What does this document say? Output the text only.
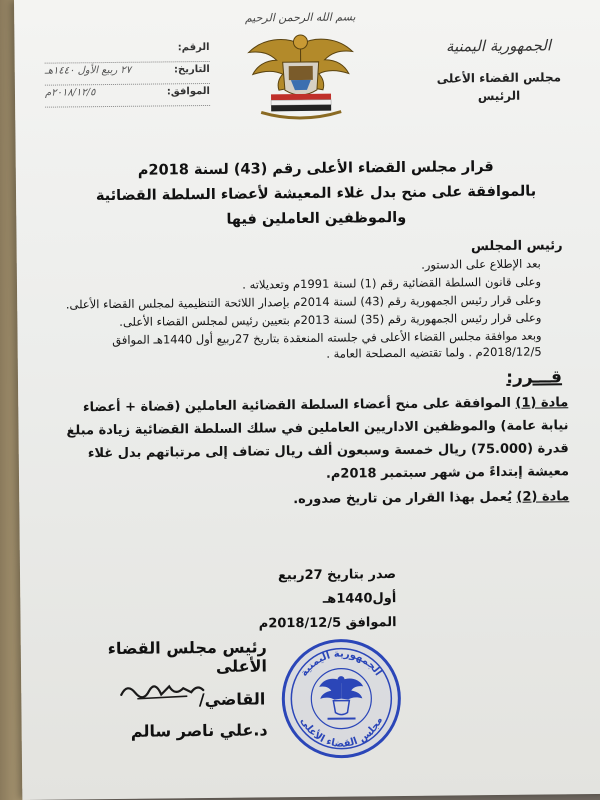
الجمهورية اليمنية
مجلس القضاء الأعلى
الرئيس
بسم الله الرحمن الرحيم
الرقم:
التاريخ:
٢٧ ربيع الأول ١٤٤٠هـ
الموافق:
٢٠١٨/١٢/٥م
قرار مجلس القضاء الأعلى رقم (43) لسنة 2018م
بالموافقة على منح بدل غلاء المعيشة لأعضاء السلطة القضائية
والموظفين العاملين فيها
رئيس المجلس
بعد الإطلاع على الدستور.
وعلى قانون السلطة القضائية رقم (1) لسنة 1991م وتعديلاته .
وعلى قرار رئيس الجمهورية رقم (43) لسنة 2014م بإصدار اللائحة التنظيمية لمجلس القضاء الأعلى.
وعلى قرار رئيس الجمهورية رقم (35) لسنة 2013م بتعيين رئيس لمجلس القضاء الأعلى.
وبعد موافقة مجلس القضاء الأعلى في جلسته المنعقدة بتاريخ 27ربيع أول 1440هـ الموافق 2018/12/5م . ولما تقتضيه المصلحة العامة .
قـــرر:
مادة (1) الموافقة على منح أعضاء السلطة القضائية العاملين (قضاة + أعضاء نيابة عامة) والموظفين الاداريين العاملين في سلك السلطة القضائية زيادة مبلغ قدرة (75.000) ريال خمسة وسبعون ألف ريال تضاف إلى مرتباتهم بدل غلاء معيشة إبتداءً من شهر سبتمبر 2018م.
مادة (2) يُعمل بهذا القرار من تاريخ صدوره.
صدر بتاريخ 27ربيع أول1440هـ
الموافق 2018/12/5م
رئيس مجلس القضاء الأعلى
القاضي/
د.علي ناصر سالم
الجمهورية اليمنية
مجلس القضاء الأعلى
